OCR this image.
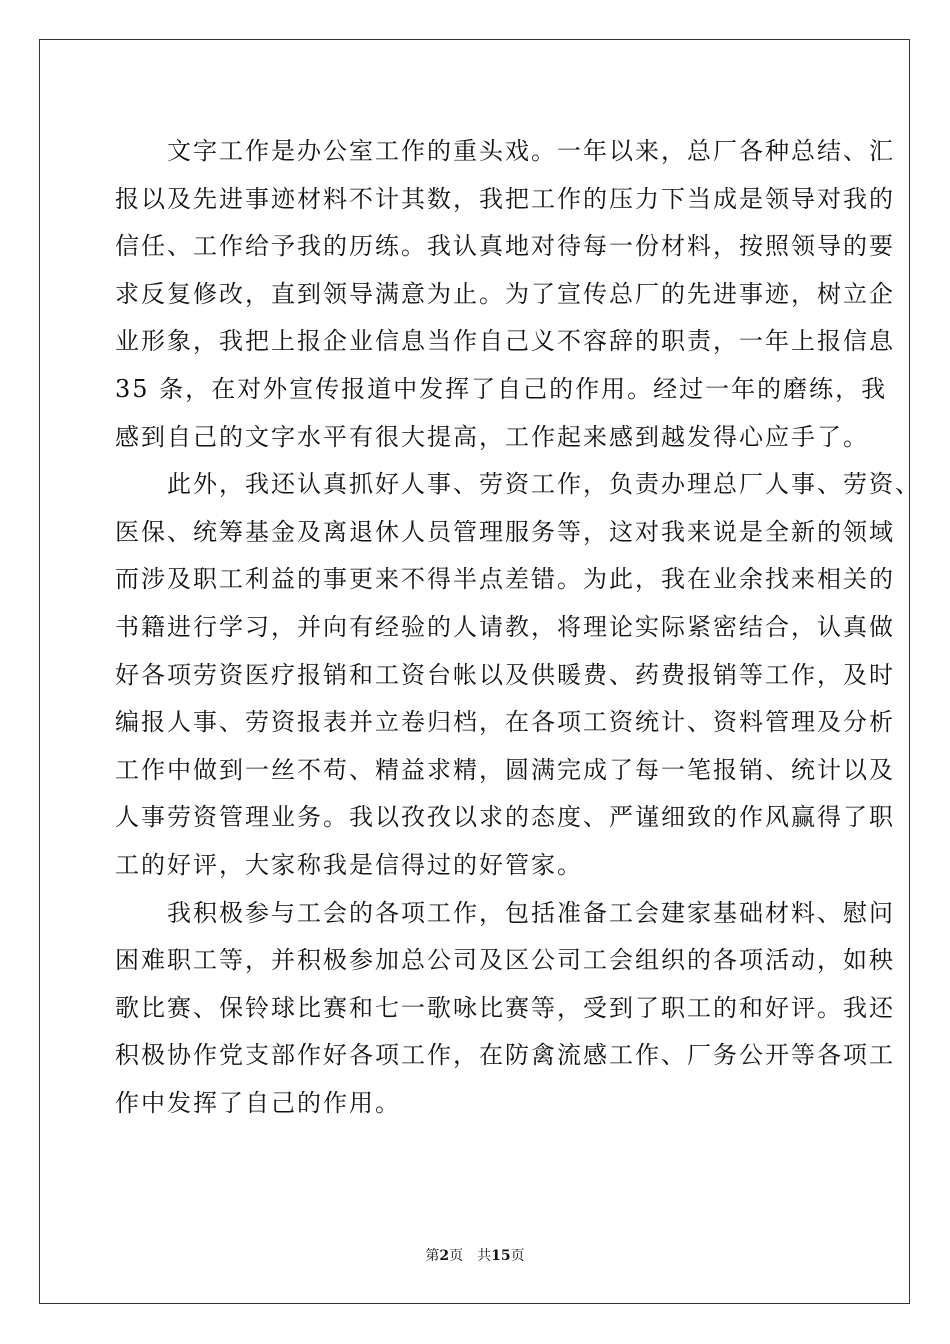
　　文字工作是办公室工作的重头戏。一年以来，总厂各种总结、汇
报以及先进事迹材料不计其数，我把工作的压力下当成是领导对我的
信任、工作给予我的历练。我认真地对待每一份材料，按照领导的要
求反复修改，直到领导满意为止。为了宣传总厂的先进事迹，树立企
业形象，我把上报企业信息当作自己义不容辞的职责，一年上报信息
35 条，在对外宣传报道中发挥了自己的作用。经过一年的磨练，我
感到自己的文字水平有很大提高，工作起来感到越发得心应手了。
　　此外，我还认真抓好人事、劳资工作，负责办理总厂人事、劳资、
医保、统筹基金及离退休人员管理服务等，这对我来说是全新的领域
而涉及职工利益的事更来不得半点差错。为此，我在业余找来相关的
书籍进行学习，并向有经验的人请教，将理论实际紧密结合，认真做
好各项劳资医疗报销和工资台帐以及供暖费、药费报销等工作，及时
编报人事、劳资报表并立卷归档，在各项工资统计、资料管理及分析
工作中做到一丝不苟、精益求精，圆满完成了每一笔报销、统计以及
人事劳资管理业务。我以孜孜以求的态度、严谨细致的作风赢得了职
工的好评，大家称我是信得过的好管家。
　　我积极参与工会的各项工作，包括准备工会建家基础材料、慰问
困难职工等，并积极参加总公司及区公司工会组织的各项活动，如秧
歌比赛、保铃球比赛和七一歌咏比赛等，受到了职工的和好评。我还
积极协作党支部作好各项工作，在防禽流感工作、厂务公开等各项工
作中发挥了自己的作用。
第2页　共15页
